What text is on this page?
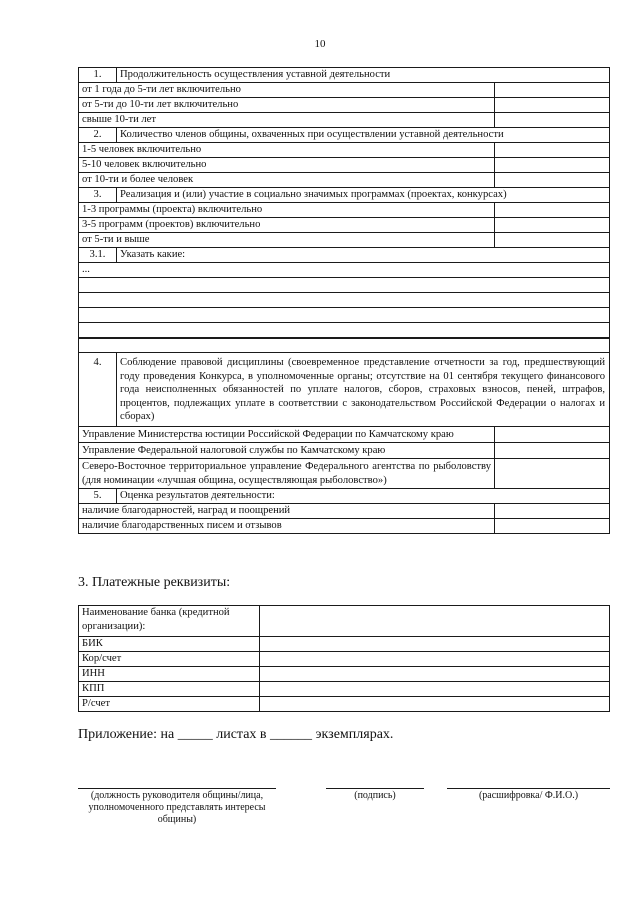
10
1.	Продолжительность осуществления уставной деятельности	
от 1 года до 5-ти лет включительно		
от 5-ти до 10-ти лет включительно		
свыше 10-ти лет		
2.	Количество членов общины, охваченных при осуществлении уставной деятельности	
1-5 человек включительно		
5-10 человек включительно		
от 10-ти и более человек		
3.	Реализация и (или) участие в социально значимых программах (проектах, конкурсах)	
1-3 программы (проекта) включительно		
3-5 программ (проектов) включительно		
от 5-ти и выше		
3.1.	Указать какие:	
...		

4.	Соблюдение правовой дисциплины (своевременное представление отчетности за год, предшествующий году проведения Конкурса, в уполномоченные органы; отсутствие на 01 сентября текущего финансового года неисполненных обязанностей по уплате налогов, сборов, страховых взносов, пеней, штрафов, процентов, подлежащих уплате в соответствии с законодательством Российской Федерации о налогах и сборах)	
Управление Министерства юстиции Российской Федерации по Камчатскому краю		
Управление Федеральной налоговой службы по Камчатскому краю		
Северо-Восточное территориальное управление Федерального агентства по рыболовству (для номинации «лучшая община, осуществляющая рыболовство»)		
5.	Оценка результатов деятельности:	
наличие благодарностей, наград и поощрений		
наличие благодарственных писем и отзывов		
3. Платежные реквизиты:
Наименование банка (кредитной организации):	
БИК	
Кор/счет	
ИНН	
КПП	
Р/счет	
Приложение: на _____ листах в ______ экземплярах.
(должность руководителя общины/лица, уполномоченного представлять интересы общины)
(подпись)	(расшифровка/ Ф.И.О.)
